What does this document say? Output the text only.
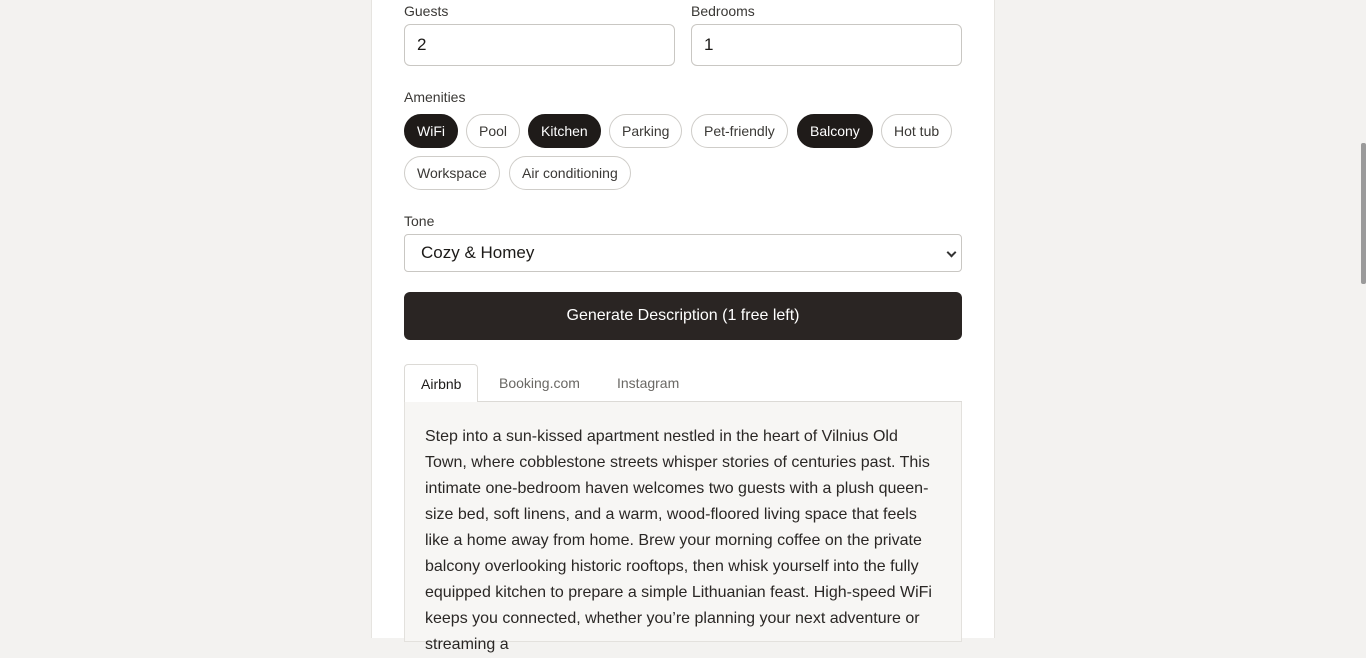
Guests
2
Bedrooms
1
Amenities
WiFi	Pool	Kitchen	Parking	Pet-friendly	Balcony	Hot tub
Workspace	Air conditioning
Tone
Cozy & Homey
Generate Description (1 free left)
Airbnb	Booking.com	Instagram
Step into a sun-kissed apartment nestled in the heart of Vilnius Old Town, where cobblestone streets whisper stories of centuries past. This intimate one-bedroom haven welcomes two guests with a plush queen-size bed, soft linens, and a warm, wood-floored living space that feels like a home away from home. Brew your morning coffee on the private balcony overlooking historic rooftops, then whisk yourself into the fully equipped kitchen to prepare a simple Lithuanian feast. High-speed WiFi keeps you connected, whether you’re planning your next adventure or streaming a
